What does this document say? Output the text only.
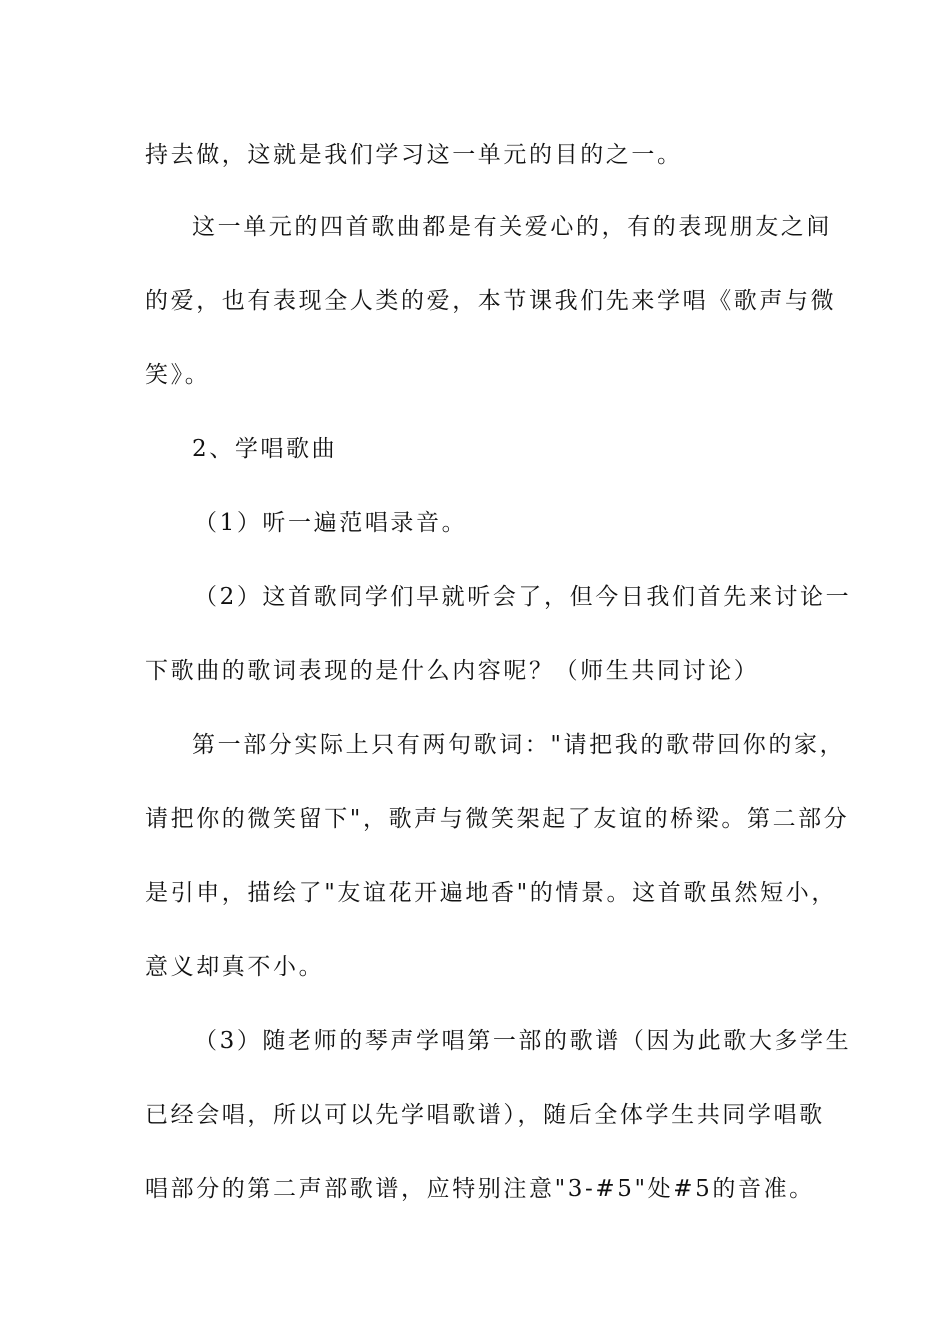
持去做，这就是我们学习这一单元的目的之一。

这一单元的四首歌曲都是有关爱心的，有的表现朋友之间

的爱，也有表现全人类的爱，本节课我们先来学唱《歌声与微

笑》。

2、学唱歌曲

（1）听一遍范唱录音。

（2）这首歌同学们早就听会了，但今日我们首先来讨论一

下歌曲的歌词表现的是什么内容呢？（师生共同讨论）

第一部分实际上只有两句歌词："请把我的歌带回你的家，

请把你的微笑留下"，歌声与微笑架起了友谊的桥梁。第二部分

是引申，描绘了"友谊花开遍地香"的情景。这首歌虽然短小，

意义却真不小。

（3）随老师的琴声学唱第一部的歌谱（因为此歌大多学生

已经会唱，所以可以先学唱歌谱），随后全体学生共同学唱歌

唱部分的第二声部歌谱，应特别注意"3-#5"处#5的音准。
